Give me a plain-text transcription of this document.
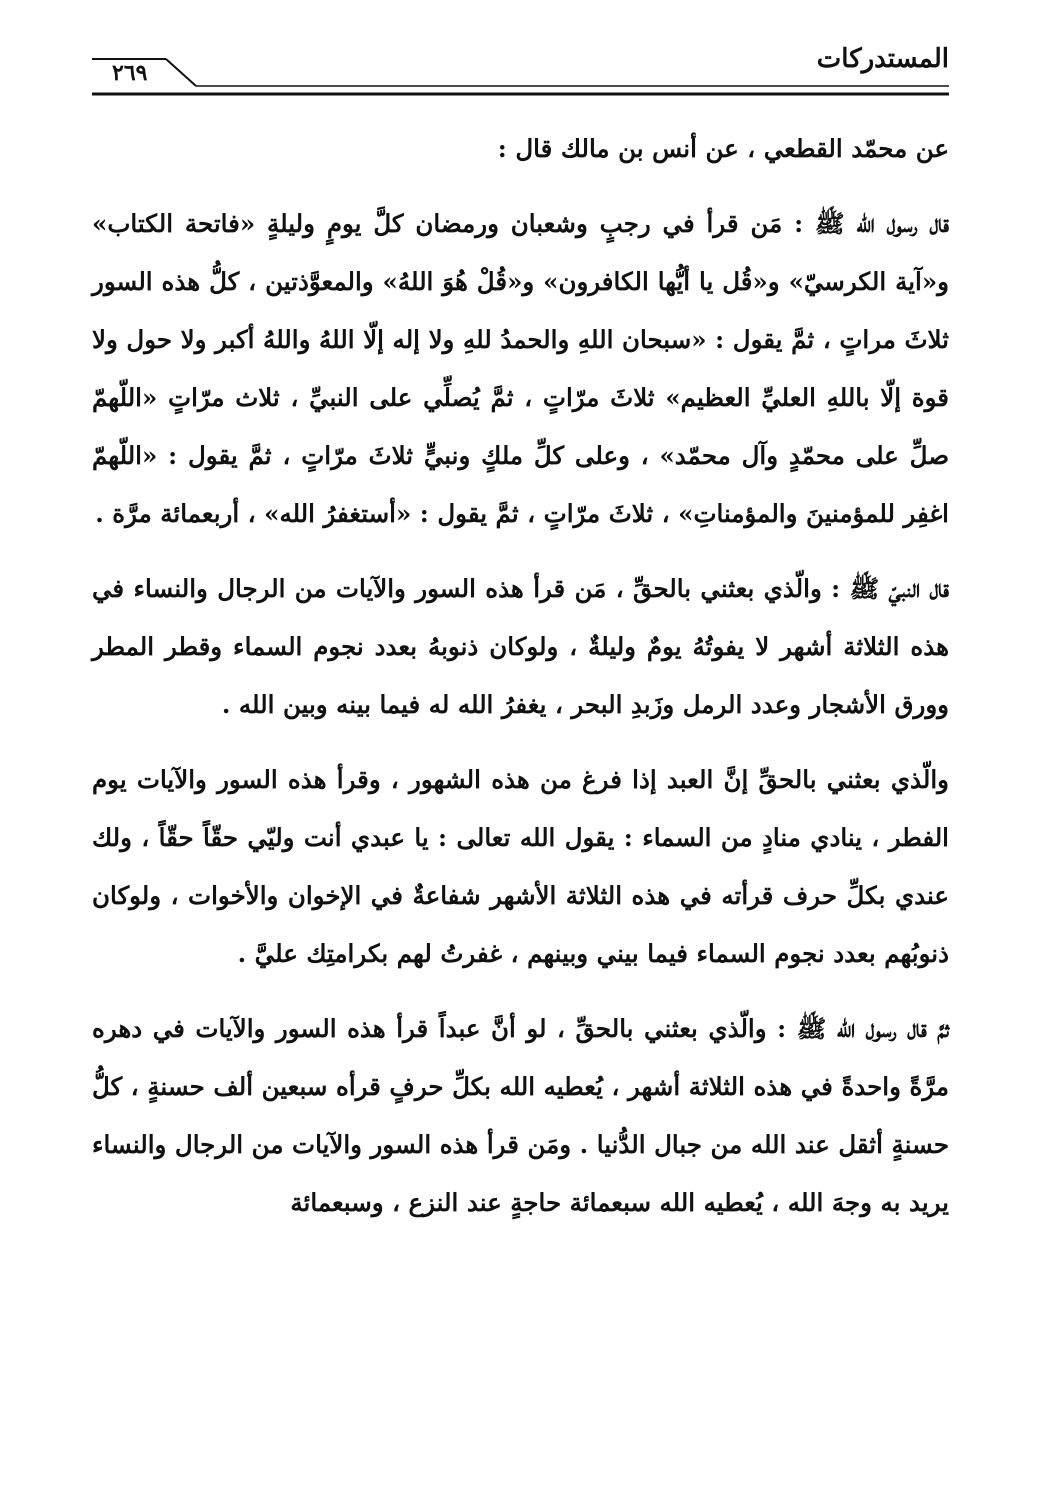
المستدركات
٢٦٩

عن محمّد القطعي ، عن أنس بن مالك قال :

قال رسول الله ﷺ : مَن قرأ في رجبٍ وشعبان ورمضان كلَّ يومٍ وليلةٍ «فاتحة الكتاب» و«آية الكرسيّ» و«قُل يا أيُّها الكافرون» و«قُلْ هُوَ اللهُ» والمعوَّذتين ، كلُّ هذه السور ثلاثَ مراتٍ ، ثمَّ يقول : «سبحان اللهِ والحمدُ للهِ ولا إله إلّا اللهُ واللهُ أكبر ولا حول ولا قوة إلّا باللهِ العليِّ العظيم» ثلاثَ مرّاتٍ ، ثمَّ يُصلِّي على النبيِّ ، ثلاث مرّاتٍ «اللّهمّ صلِّ على محمّدٍ وآل محمّد» ، وعلى كلِّ ملكٍ ونبيٍّ ثلاثَ مرّاتٍ ، ثمَّ يقول : «اللّهمّ اغفِر للمؤمنينَ والمؤمناتِ» ، ثلاثَ مرّاتٍ ، ثمَّ يقول : «أستغفرُ الله» ، أربعمائة مرَّة .

قال النبيّ ﷺ : والّذي بعثني بالحقِّ ، مَن قرأ هذه السور والآيات من الرجال والنساء في هذه الثلاثة أشهر لا يفوتُهُ يومٌ وليلةٌ ، ولوكان ذنوبهُ بعدد نجوم السماء وقطر المطر وورق الأشجار وعدد الرمل وزَبدِ البحر ، يغفرُ الله له فيما بينه وبين الله .

والّذي بعثني بالحقِّ إنَّ العبد إذا فرغ من هذه الشهور ، وقرأ هذه السور والآيات يوم الفطر ، ينادي منادٍ من السماء : يقول الله تعالى : يا عبدي أنت وليّي حقّاً حقّاً ، ولك عندي بكلِّ حرف قرأته في هذه الثلاثة الأشهر شفاعةٌ في الإخوان والأخوات ، ولوكان ذنوبُهم بعدد نجوم السماء فيما بيني وبينهم ، غفرتُ لهم بكرامتِك عليَّ .

ثمَّ قال رسول الله ﷺ : والّذي بعثني بالحقِّ ، لو أنَّ عبداً قرأ هذه السور والآيات في دهره مرَّةً واحدةً في هذه الثلاثة أشهر ، يُعطيه الله بكلِّ حرفٍ قرأه سبعين ألف حسنةٍ ، كلُّ حسنةٍ أثقل عند الله من جبال الدُّنيا . ومَن قرأ هذه السور والآيات من الرجال والنساء يريد به وجهَ الله ، يُعطيه الله سبعمائة حاجةٍ عند النزع ، وسبعمائة
